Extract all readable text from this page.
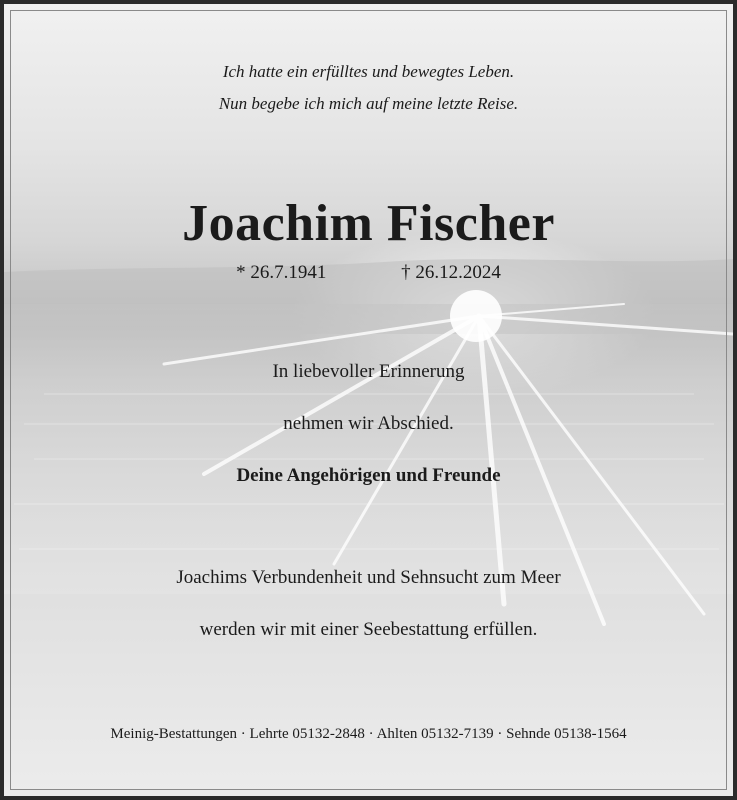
Ich hatte ein erfülltes und bewegtes Leben.
Nun begebe ich mich auf meine letzte Reise.
Joachim Fischer
* 26.7.1941	† 26.12.2024
In liebevoller Erinnerung
nehmen wir Abschied.
Deine Angehörigen und Freunde
Joachims Verbundenheit und Sehnsucht zum Meer
werden wir mit einer Seebestattung erfüllen.
Meinig-Bestattungen · Lehrte 05132-2848 · Ahlten 05132-7139 · Sehnde 05138-1564
